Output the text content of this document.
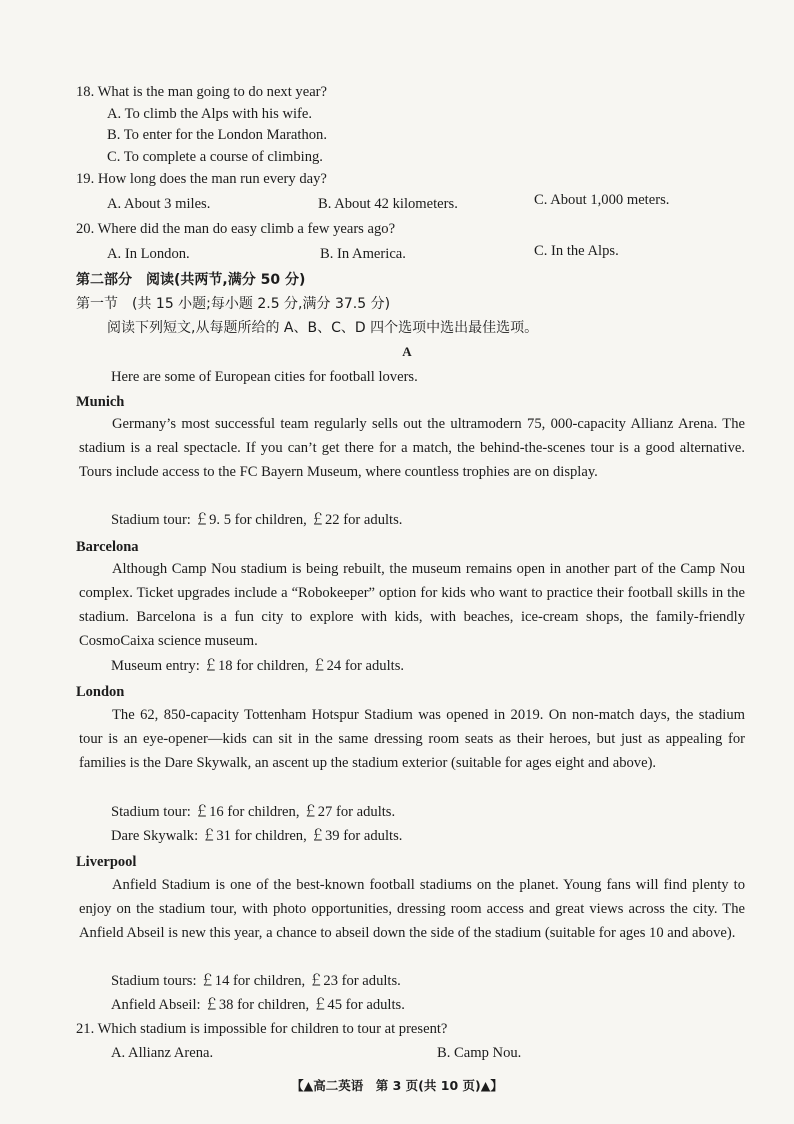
18. What is the man going to do next year?
A. To climb the Alps with his wife.
B. To enter for the London Marathon.
C. To complete a course of climbing.
19. How long does the man run every day?
A. About 3 miles.	B. About 42 kilometers.	C. About 1,000 meters.
20. Where did the man do easy climb a few years ago?
A. In London.	B. In America.	C. In the Alps.
第二部分　阅读(共两节,满分 50 分)
第一节　(共 15 小题;每小题 2.5 分,满分 37.5 分)
阅读下列短文,从每题所给的 A、B、C、D 四个选项中选出最佳选项。
A
Here are some of European cities for football lovers.
Munich
Germany’s most successful team regularly sells out the ultramodern 75, 000-capacity Allianz Arena. The stadium is a real spectacle. If you can’t get there for a match, the behind-the-scenes tour is a good alternative. Tours include access to the FC Bayern Museum, where countless trophies are on display.
Stadium tour: ￡9. 5 for children, ￡22 for adults.
Barcelona
Although Camp Nou stadium is being rebuilt, the museum remains open in another part of the Camp Nou complex. Ticket upgrades include a “Robokeeper” option for kids who want to practice their football skills in the stadium. Barcelona is a fun city to explore with kids, with beaches, ice-cream shops, the family-friendly CosmoCaixa science museum.
Museum entry: ￡18 for children, ￡24 for adults.
London
The 62, 850-capacity Tottenham Hotspur Stadium was opened in 2019. On non-match days, the stadium tour is an eye-opener—kids can sit in the same dressing room seats as their heroes, but just as appealing for families is the Dare Skywalk, an ascent up the stadium exterior (suitable for ages eight and above).
Stadium tour: ￡16 for children, ￡27 for adults.
Dare Skywalk: ￡31 for children, ￡39 for adults.
Liverpool
Anfield Stadium is one of the best-known football stadiums on the planet. Young fans will find plenty to enjoy on the stadium tour, with photo opportunities, dressing room access and great views across the city. The Anfield Abseil is new this year, a chance to abseil down the side of the stadium (suitable for ages 10 and above).
Stadium tours: ￡14 for children, ￡23 for adults.
Anfield Abseil: ￡38 for children, ￡45 for adults.
21. Which stadium is impossible for children to tour at present?
A. Allianz Arena.	B. Camp Nou.
【▲高二英语　第 3 页(共 10 页)▲】
